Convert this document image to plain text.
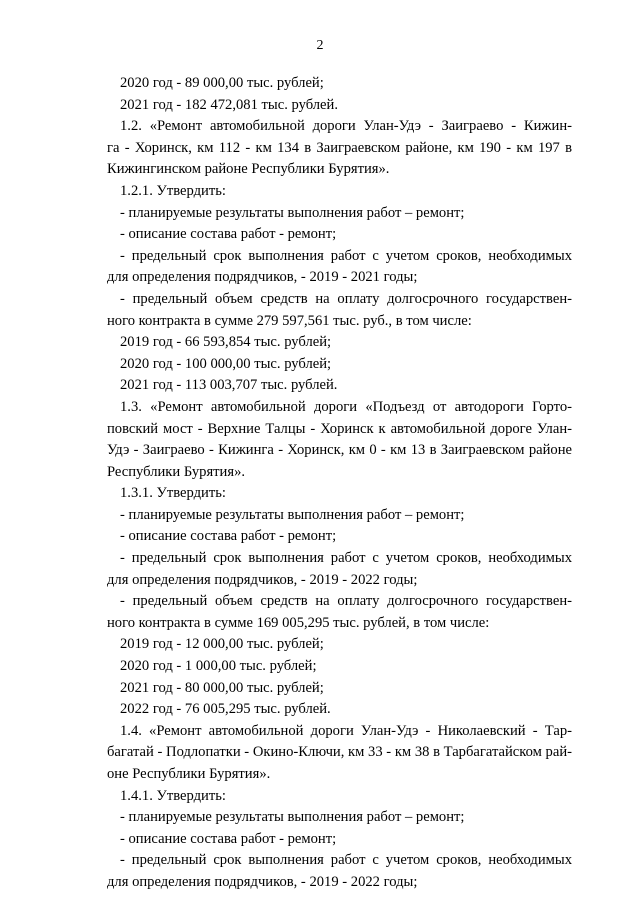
2
2020 год - 89 000,00 тыс. рублей;
2021 год - 182 472,081 тыс. рублей.
1.2. «Ремонт автомобильной дороги Улан-Удэ - Заиграево - Кижин-
га - Хоринск, км 112 - км 134 в Заиграевском районе, км 190 - км 197 в
Кижингинском районе Республики Бурятия».
1.2.1. Утвердить:
- планируемые результаты выполнения работ – ремонт;
- описание состава работ - ремонт;
- предельный срок выполнения работ с учетом сроков, необходимых
для определения подрядчиков, - 2019 - 2021 годы;
- предельный объем средств на оплату долгосрочного государствен-
ного контракта в сумме 279 597,561 тыс. руб., в том числе:
2019 год - 66 593,854 тыс. рублей;
2020 год - 100 000,00 тыс. рублей;
2021 год - 113 003,707 тыс. рублей.
1.3. «Ремонт автомобильной дороги «Подъезд от автодороги Горто-
повский мост - Верхние Талцы - Хоринск к автомобильной дороге Улан-
Удэ - Заиграево - Кижинга - Хоринск, км 0 - км 13 в Заиграевском районе
Республики Бурятия».
1.3.1. Утвердить:
- планируемые результаты выполнения работ – ремонт;
- описание состава работ - ремонт;
- предельный срок выполнения работ с учетом сроков, необходимых
для определения подрядчиков, - 2019 - 2022 годы;
- предельный объем средств на оплату долгосрочного государствен-
ного контракта в сумме 169 005,295 тыс. рублей, в том числе:
2019 год - 12 000,00 тыс. рублей;
2020 год - 1 000,00 тыс. рублей;
2021 год - 80 000,00 тыс. рублей;
2022 год - 76 005,295 тыс. рублей.
1.4. «Ремонт автомобильной дороги Улан-Удэ - Николаевский - Тар-
багатай - Подлопатки - Окино-Ключи, км 33 - км 38 в Тарбагатайском рай-
оне Республики Бурятия».
1.4.1. Утвердить:
- планируемые результаты выполнения работ – ремонт;
- описание состава работ - ремонт;
- предельный срок выполнения работ с учетом сроков, необходимых
для определения подрядчиков, - 2019 - 2022 годы;
